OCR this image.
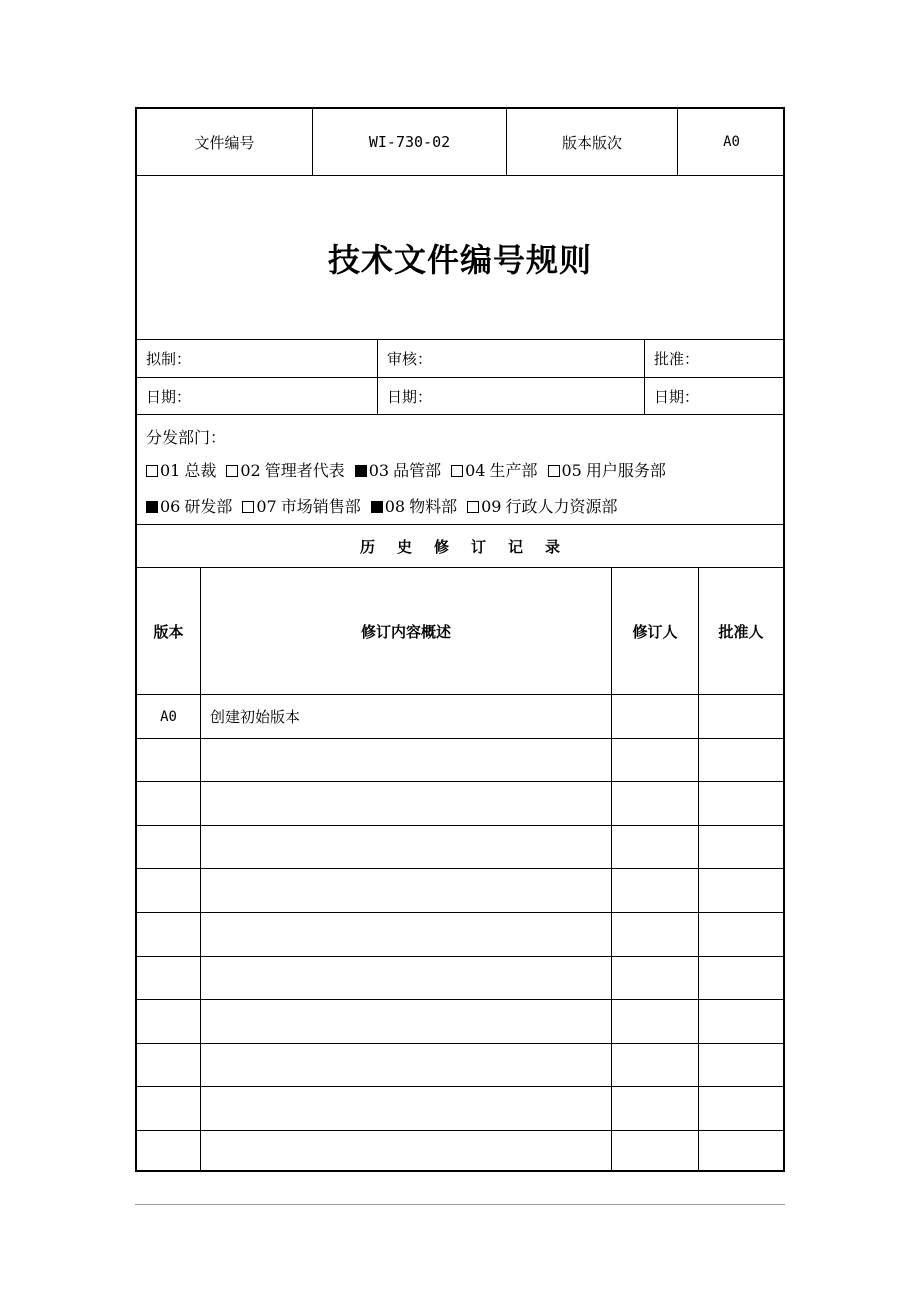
文件编号	WI-730-02	版本版次	A0
技术文件编号规则
拟制：	审核：	批准：
日期：	日期：	日期：
分发部门：
01 总裁 02 管理者代表 03 品管部 04 生产部 05 用户服务部
06 研发部 07 市场销售部 08 物料部 09 行政人力资源部
历史修订记录
版本	修订内容概述	修订人	批准人
A0	创建初始版本
